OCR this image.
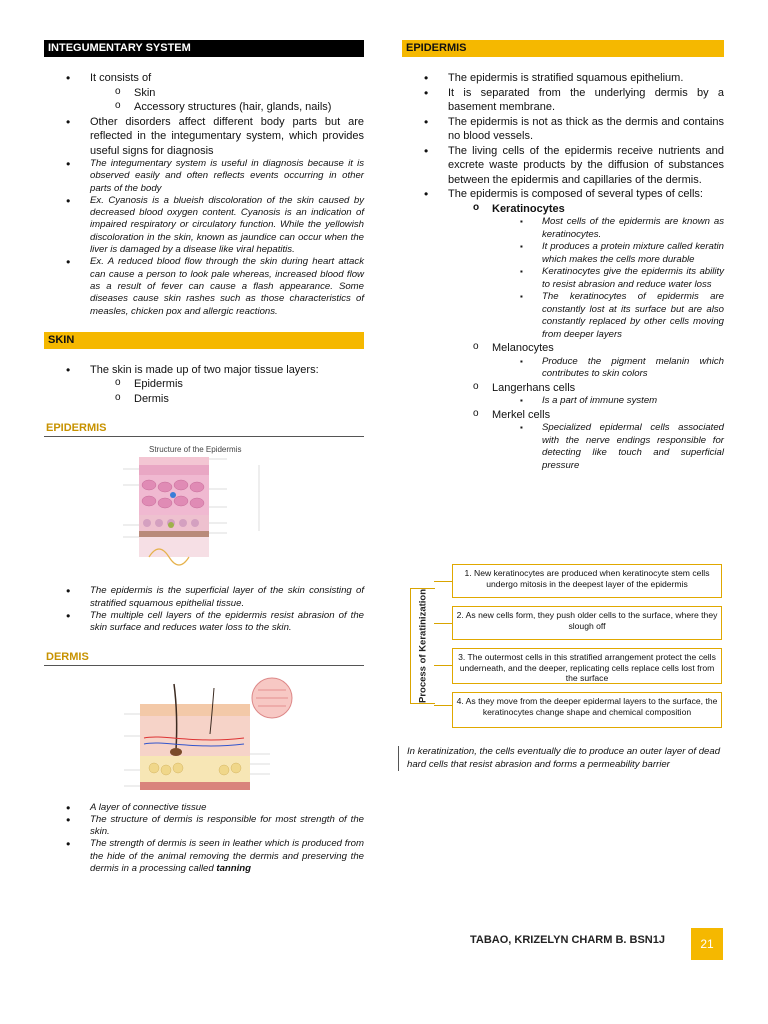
INTEGUMENTARY SYSTEM
• It consists of
o Skin
o Accessory structures (hair, glands, nails)
• Other disorders affect different body parts but are reflected in the integumentary system, which provides useful signs for diagnosis
• The integumentary system is useful in diagnosis because it is observed easily and often reflects events occurring in other parts of the body
• Ex. Cyanosis is a blueish discoloration of the skin caused by decreased blood oxygen content. Cyanosis is an indication of impaired respiratory or circulatory function. While the yellowish discoloration in the skin, known as jaundice can occur when the liver is damaged by a disease like viral hepatitis.
• Ex. A reduced blood flow through the skin during heart attack can cause a person to look pale whereas, increased blood flow as a result of fever can cause a flash appearance. Some diseases cause skin rashes such as those characteristics of measles, chicken pox and allergic reactions.
SKIN
• The skin is made up of two major tissue layers:
o Epidermis
o Dermis
EPIDERMIS
Structure of the Epidermis
• The epidermis is the superficial layer of the skin consisting of stratified squamous epithelial tissue.
• The multiple cell layers of the epidermis resist abrasion of the skin surface and reduces water loss to the skin.
DERMIS
• A layer of connective tissue
• The structure of dermis is responsible for most strength of the skin.
• The strength of dermis is seen in leather which is produced from the hide of the animal removing the dermis and preserving the dermis in a processing called tanning
EPIDERMIS
• The epidermis is stratified squamous epithelium.
• It is separated from the underlying dermis by a basement membrane.
• The epidermis is not as thick as the dermis and contains no blood vessels.
• The living cells of the epidermis receive nutrients and excrete waste products by the diffusion of substances between the epidermis and capillaries of the dermis.
• The epidermis is composed of several types of cells:
o Keratinocytes
▪ Most cells of the epidermis are known as keratinocytes.
▪ It produces a protein mixture called keratin which makes the cells more durable
▪ Keratinocytes give the epidermis its ability to resist abrasion and reduce water loss
▪ The keratinocytes of epidermis are constantly lost at its surface but are also constantly replaced by other cells moving from deeper layers
o Melanocytes
▪ Produce the pigment melanin which contributes to skin colors
o Langerhans cells
▪ Is a part of immune system
o Merkel cells
▪ Specialized epidermal cells associated with the nerve endings responsible for detecting like touch and superficial pressure
Process of Keratinization
1. New keratinocytes are produced when keratinocyte stem cells undergo mitosis in the deepest layer of the epidermis
2. As new cells form, they push older cells to the surface, where they slough off
3. The outermost cells in this stratified arrangement protect the cells underneath, and the deeper, replicating cells replace cells lost from the surface
4. As they move from the deeper epidermal layers to the surface, the keratinocytes change shape and chemical composition
In keratinization, the cells eventually die to produce an outer layer of dead hard cells that resist abrasion and forms a permeability barrier
TABAO, KRIZELYN CHARM B. BSN1J	21
